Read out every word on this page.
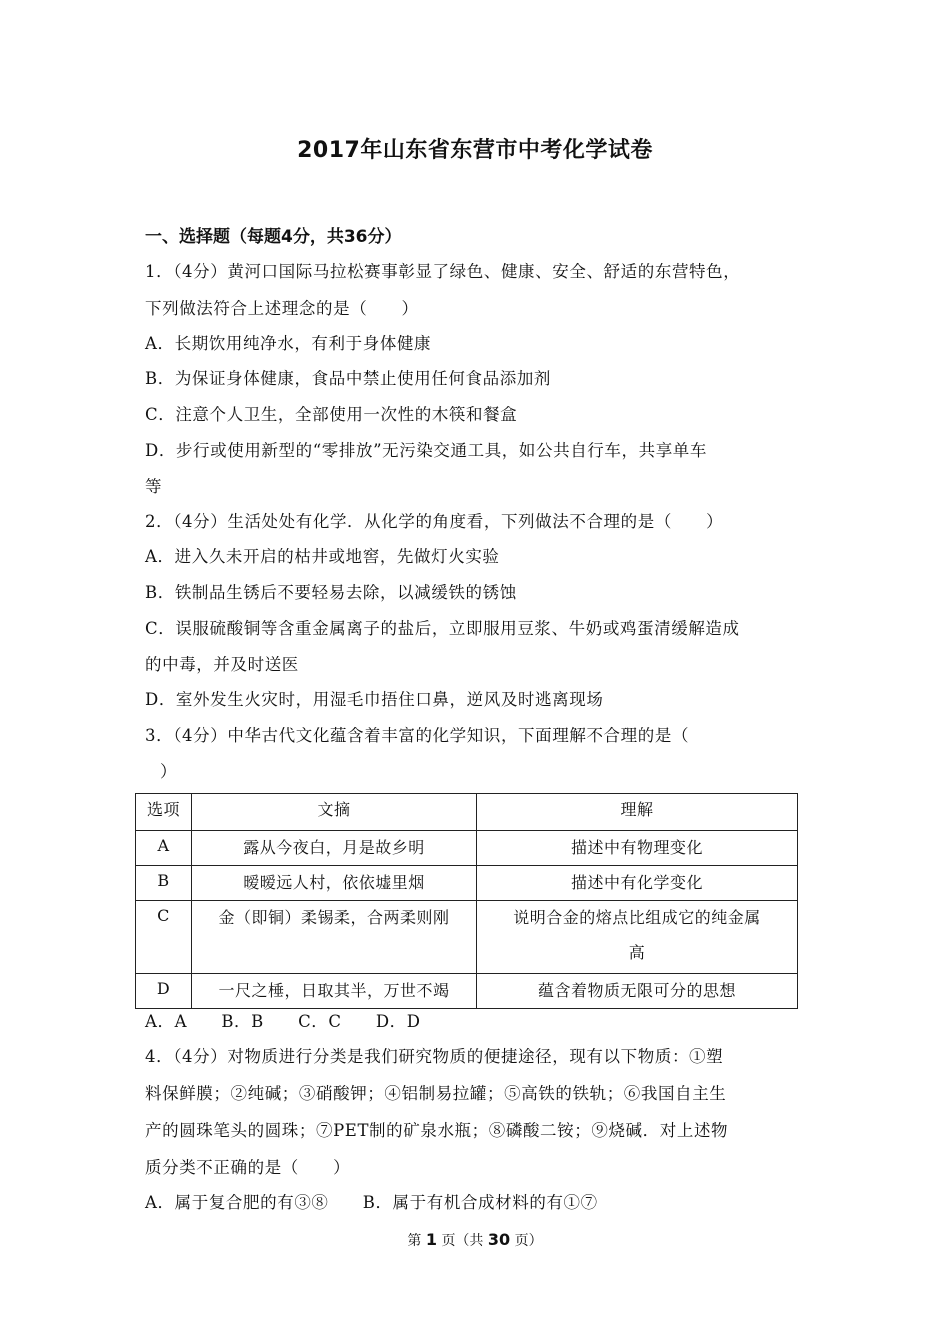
2017年山东省东营市中考化学试卷
一、选择题（每题4分，共36分）
1．（4分）黄河口国际马拉松赛事彰显了绿色、健康、安全、舒适的东营特色，
下列做法符合上述理念的是（　　）
A．长期饮用纯净水，有利于身体健康
B．为保证身体健康，食品中禁止使用任何食品添加剂
C．注意个人卫生，全部使用一次性的木筷和餐盒
D．步行或使用新型的“零排放”无污染交通工具，如公共自行车，共享单车
等
2．（4分）生活处处有化学．从化学的角度看，下列做法不合理的是（　　）
A．进入久未开启的枯井或地窖，先做灯火实验
B．铁制品生锈后不要轻易去除，以减缓铁的锈蚀
C．误服硫酸铜等含重金属离子的盐后，立即服用豆浆、牛奶或鸡蛋清缓解造成
的中毒，并及时送医
D．室外发生火灾时，用湿毛巾捂住口鼻，逆风及时逃离现场
3．（4分）中华古代文化蕴含着丰富的化学知识，下面理解不合理的是（
）
选项	文摘	理解

A	露从今夜白，月是故乡明	描述中有物理变化

B	暧暧远人村，依依墟里烟	描述中有化学变化

C	金（即铜）柔锡柔，合两柔则刚	说明合金的熔点比组成它的纯金属
高

D	一尺之棰，日取其半，万世不竭	蕴含着物质无限可分的思想
A．A　　B．B　　C．C　　D．D
4．（4分）对物质进行分类是我们研究物质的便捷途径，现有以下物质：①塑
料保鲜膜；②纯碱；③硝酸钾；④铝制易拉罐；⑤高铁的铁轨；⑥我国自主生
产的圆珠笔头的圆珠；⑦PET制的矿泉水瓶；⑧磷酸二铵；⑨烧碱．对上述物
质分类不正确的是（　　）
A．属于复合肥的有③⑧　　B．属于有机合成材料的有①⑦
第 1 页（共 30 页）
